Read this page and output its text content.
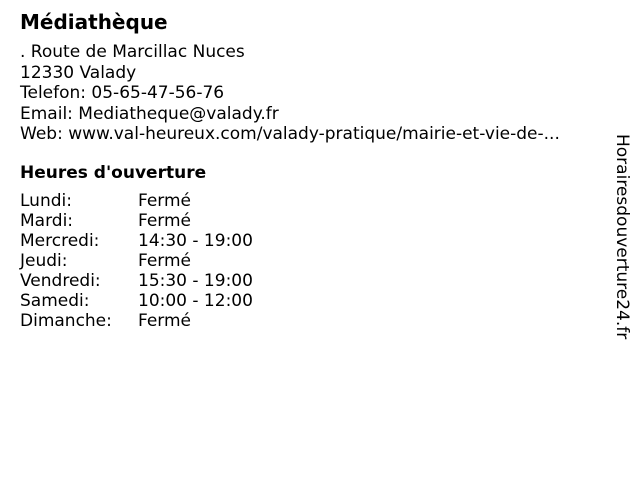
Médiathèque
. Route de Marcillac Nuces
12330 Valady
Telefon: 05-65-47-56-76
Email: Mediatheque@valady.fr
Web: www.val-heureux.com/valady-pratique/mairie-et-vie-de-...
Heures d'ouverture
Lundi:	Fermé
Mardi:	Fermé
Mercredi:	14:30 - 19:00
Jeudi:	Fermé
Vendredi:	15:30 - 19:00
Samedi:	10:00 - 12:00
Dimanche:	Fermé	Horairesdouverture24.fr
